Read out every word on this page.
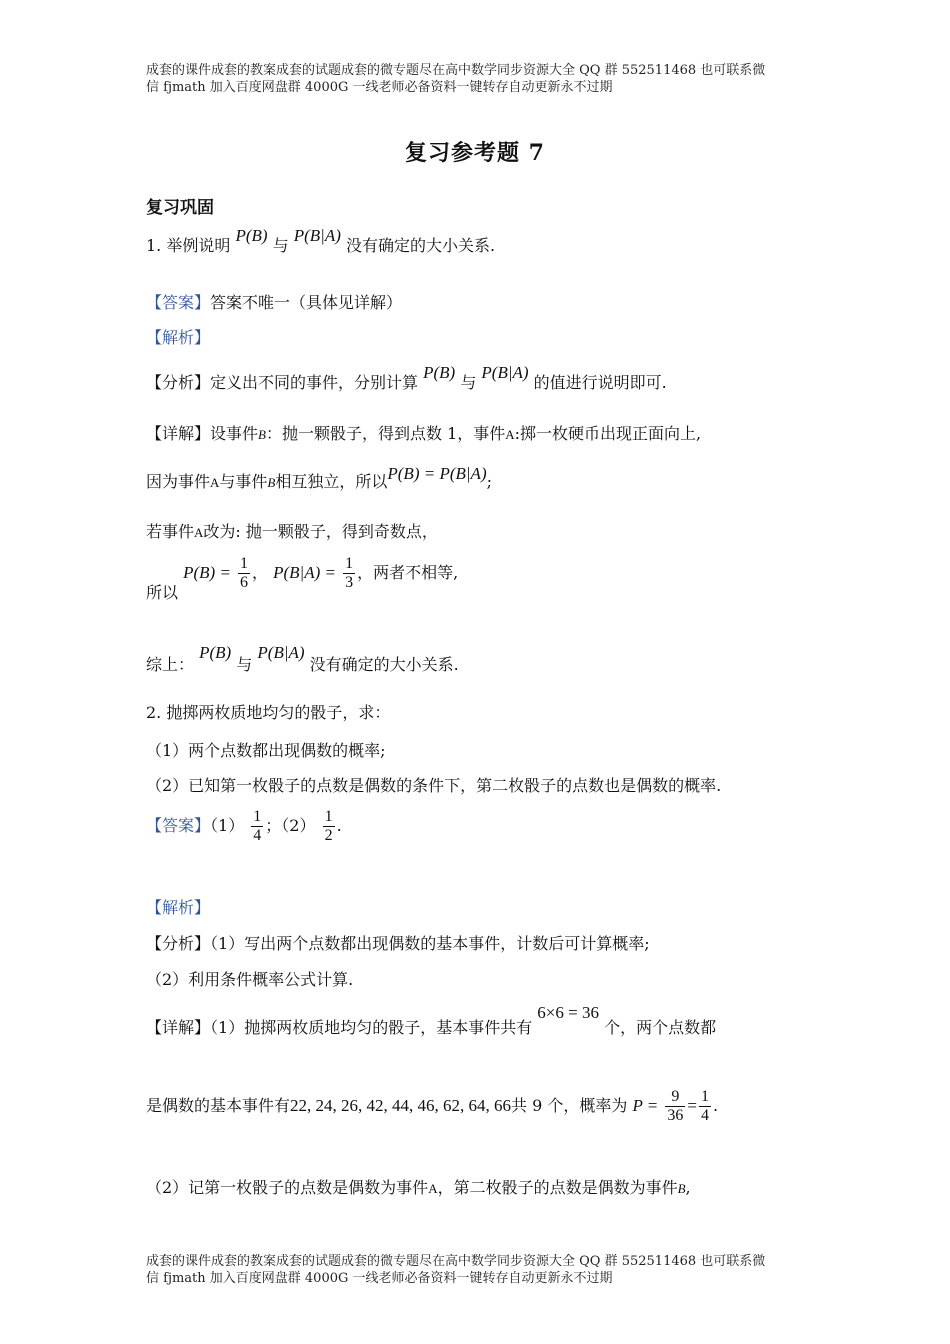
成套的课件成套的教案成套的试题成套的微专题尽在高中数学同步资源大全 QQ 群 552511468 也可联系微
信 fjmath 加入百度网盘群 4000G 一线老师必备资料一键转存自动更新永不过期
复习参考题 7
复习巩固
1. 举例说明 P(B) 与 P(B|A) 没有确定的大小关系.
【答案】答案不唯一（具体见详解）
【解析】
【分析】定义出不同的事件，分别计算 P(B) 与 P(B|A) 的值进行说明即可.
【详解】设事件B：抛一颗骰子，得到点数 1，事件A:掷一枚硬币出现正面向上,
因为事件A与事件B相互独立，所以P(B) = P(B|A);
若事件A改为: 抛一颗骰子，得到奇数点，
所以 $P(B) = \frac{1}{6}$ ， $P(B|A) = \frac{1}{3}$ ，两者不相等,
综上： P(B) 与 P(B|A) 没有确定的大小关系.
2. 抛掷两枚质地均匀的骰子，求：
（1）两个点数都出现偶数的概率;
（2）已知第一枚骰子的点数是偶数的条件下，第二枚骰子的点数也是偶数的概率.
【答案】$(1) \frac{1}{4}$ ；$(2) \frac{1}{2}$ .
【解析】
【分析】（1）写出两个点数都出现偶数的基本事件，计数后可计算概率;
（2）利用条件概率公式计算.
【详解】（1）抛掷两枚质地均匀的骰子，基本事件共有 6×6 = 36 个，两个点数都
是偶数的基本事件有22, 24, 26, 42, 44, 46, 62, 64, 66共 9 个，概率为 $P = \frac{9}{36} = \frac{1}{4}$ .
（2）记第一枚骰子的点数是偶数为事件A，第二枚骰子的点数是偶数为事件B,
成套的课件成套的教案成套的试题成套的微专题尽在高中数学同步资源大全 QQ 群 552511468 也可联系微
信 fjmath 加入百度网盘群 4000G 一线老师必备资料一键转存自动更新永不过期
